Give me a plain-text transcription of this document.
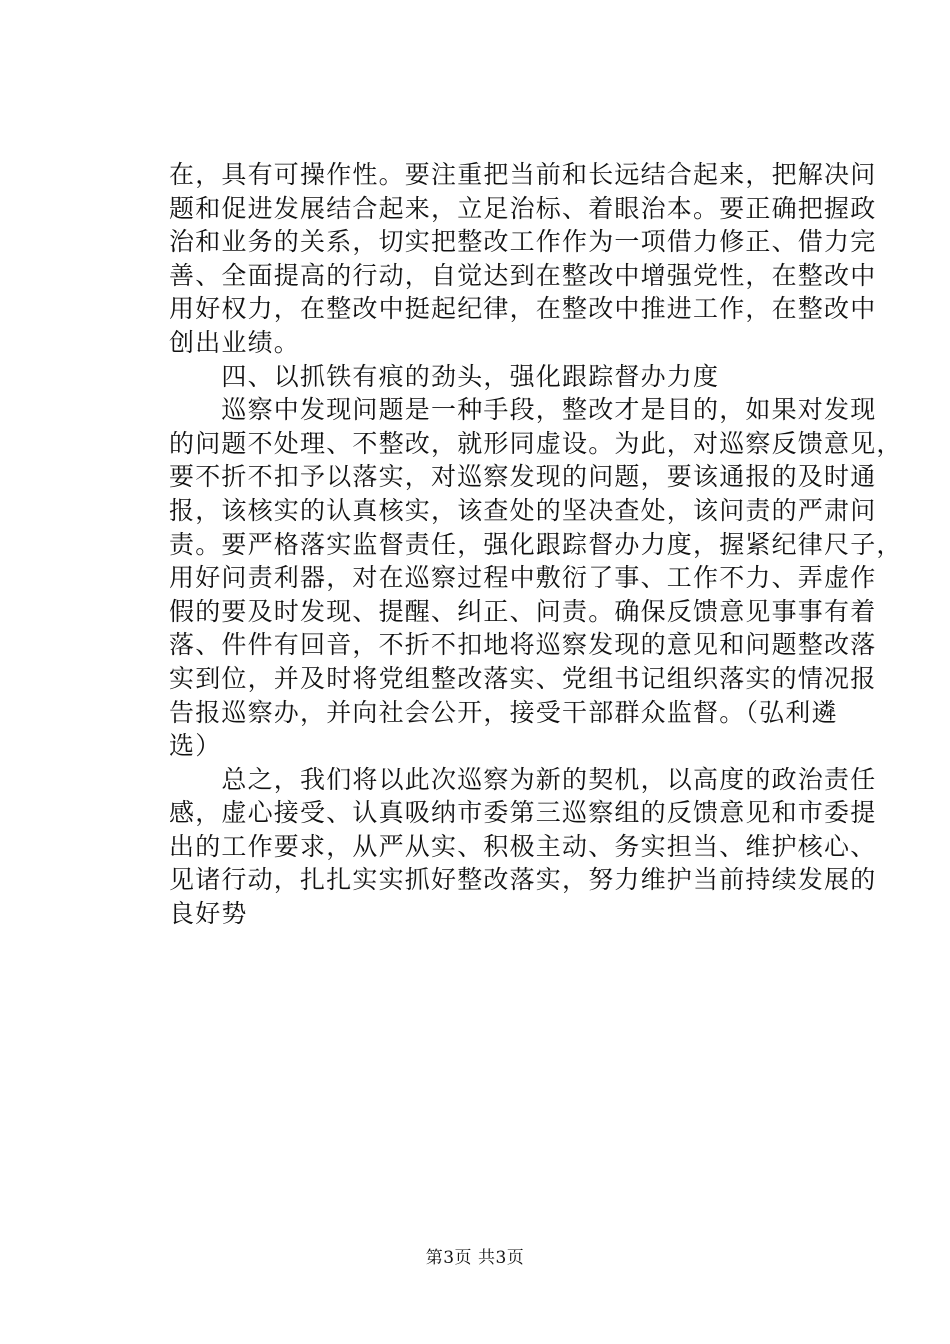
在，具有可操作性。要注重把当前和长远结合起来，把解决问
题和促进发展结合起来，立足治标、着眼治本。要正确把握政
治和业务的关系，切实把整改工作作为一项借力修正、借力完
善、全面提高的行动，自觉达到在整改中增强党性，在整改中
用好权力，在整改中挺起纪律，在整改中推进工作，在整改中
创出业绩。
　　四、以抓铁有痕的劲头，强化跟踪督办力度
　　巡察中发现问题是一种手段，整改才是目的，如果对发现
的问题不处理、不整改，就形同虚设。为此，对巡察反馈意见，
要不折不扣予以落实，对巡察发现的问题，要该通报的及时通
报，该核实的认真核实，该查处的坚决查处，该问责的严肃问
责。要严格落实监督责任，强化跟踪督办力度，握紧纪律尺子，
用好问责利器，对在巡察过程中敷衍了事、工作不力、弄虚作
假的要及时发现、提醒、纠正、问责。确保反馈意见事事有着
落、件件有回音，不折不扣地将巡察发现的意见和问题整改落
实到位，并及时将党组整改落实、党组书记组织落实的情况报
告报巡察办，并向社会公开，接受干部群众监督。（弘利遴
选）
　　总之，我们将以此次巡察为新的契机，以高度的政治责任
感，虚心接受、认真吸纳市委第三巡察组的反馈意见和市委提
出的工作要求，从严从实、积极主动、务实担当、维护核心、
见诸行动，扎扎实实抓好整改落实，努力维护当前持续发展的
良好势
第3页 共3页
